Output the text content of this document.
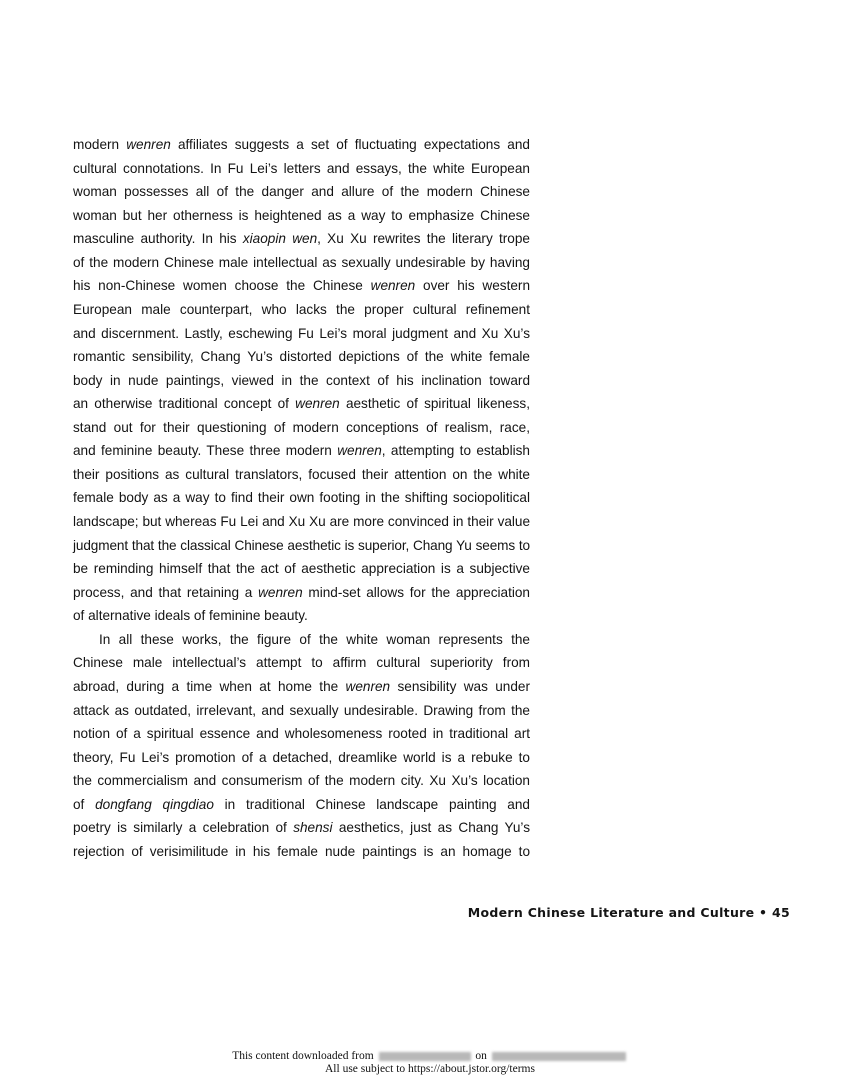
modern wenren affiliates suggests a set of fluctuating expectations and
cultural connotations. In Fu Lei’s letters and essays, the white European
woman possesses all of the danger and allure of the modern Chinese
woman but her otherness is heightened as a way to emphasize Chinese
masculine authority. In his xiaopin wen, Xu Xu rewrites the literary trope
of the modern Chinese male intellectual as sexually undesirable by having
his non-Chinese women choose the Chinese wenren over his western
European male counterpart, who lacks the proper cultural refinement
and discernment. Lastly, eschewing Fu Lei’s moral judgment and Xu Xu’s
romantic sensibility, Chang Yu’s distorted depictions of the white female
body in nude paintings, viewed in the context of his inclination toward
an otherwise traditional concept of wenren aesthetic of spiritual likeness,
stand out for their questioning of modern conceptions of realism, race,
and feminine beauty. These three modern wenren, attempting to establish
their positions as cultural translators, focused their attention on the white
female body as a way to find their own footing in the shifting sociopolitical
landscape; but whereas Fu Lei and Xu Xu are more convinced in their value
judgment that the classical Chinese aesthetic is superior, Chang Yu seems to
be reminding himself that the act of aesthetic appreciation is a subjective
process, and that retaining a wenren mind-set allows for the appreciation
of alternative ideals of feminine beauty.
In all these works, the figure of the white woman represents the
Chinese male intellectual’s attempt to affirm cultural superiority from
abroad, during a time when at home the wenren sensibility was under
attack as outdated, irrelevant, and sexually undesirable. Drawing from the
notion of a spiritual essence and wholesomeness rooted in traditional art
theory, Fu Lei’s promotion of a detached, dreamlike world is a rebuke to
the commercialism and consumerism of the modern city. Xu Xu’s location
of dongfang qingdiao in traditional Chinese landscape painting and
poetry is similarly a celebration of shensi aesthetics, just as Chang Yu’s
rejection of verisimilitude in his female nude paintings is an homage to
Modern Chinese Literature and Culture • 45
This content downloaded from	on
All use subject to https://about.jstor.org/terms
